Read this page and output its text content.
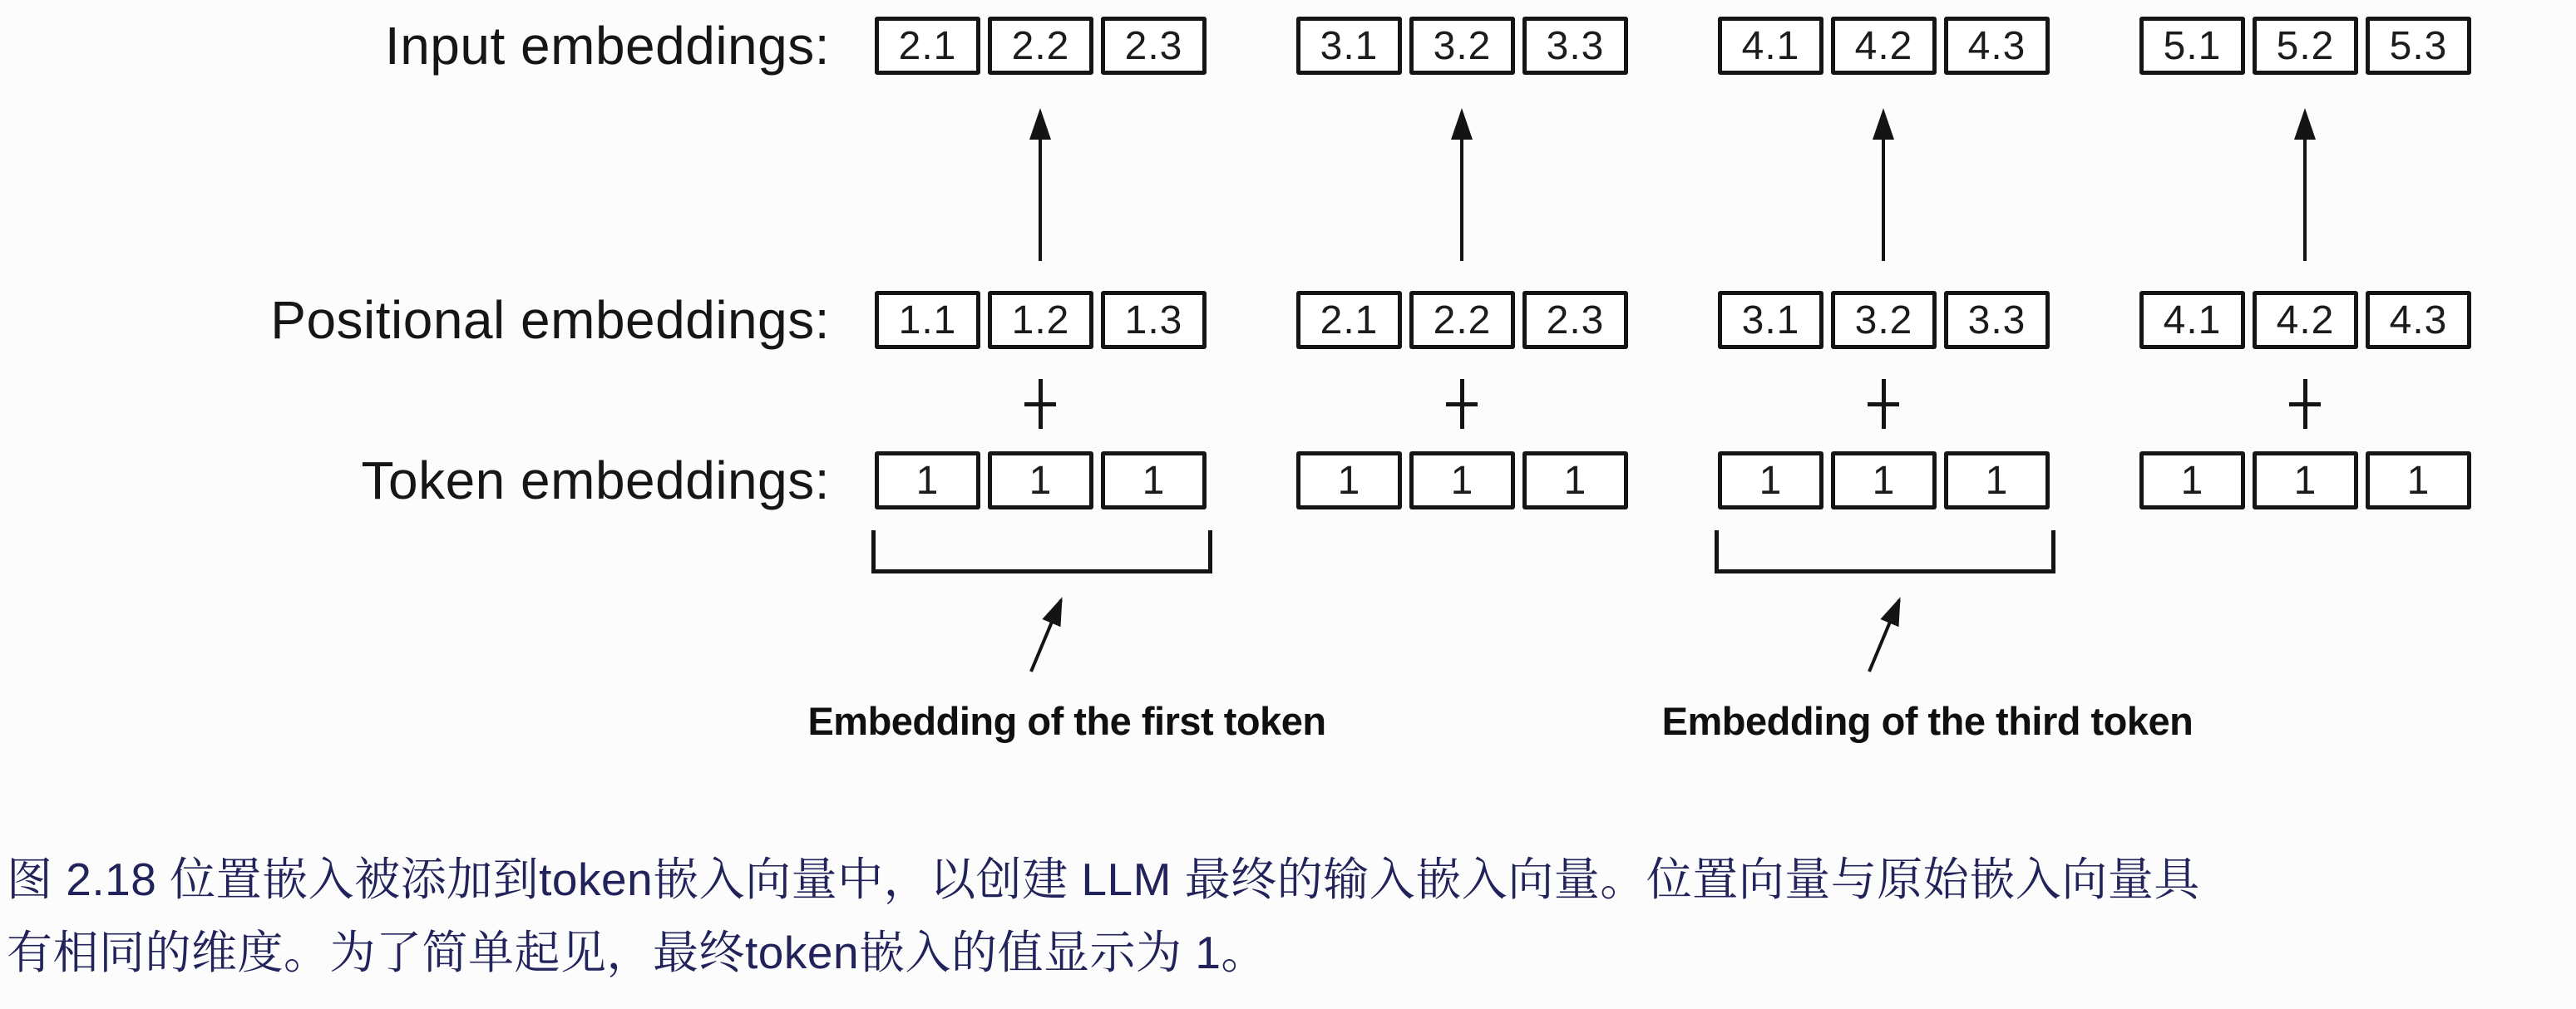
Input embeddings:	2.1	2.2	2.3	3.1	3.2	3.3	4.1	4.2	4.3	5.1	5.2	5.3
Positional embeddings:	1.1	1.2	1.3	2.1	2.2	2.3	3.1	3.2	3.3	4.1	4.2	4.3
Token embeddings:	1	1	1	1	1	1	1	1	1	1	1	1
Embedding of the first token	Embedding of the third token
图 2.18 位置嵌入被添加到token嵌入向量中，以创建 LLM 最终的输入嵌入向量。位置向量与原始嵌入向量具
有相同的维度。为了简单起见，最终token嵌入的值显示为 1。
